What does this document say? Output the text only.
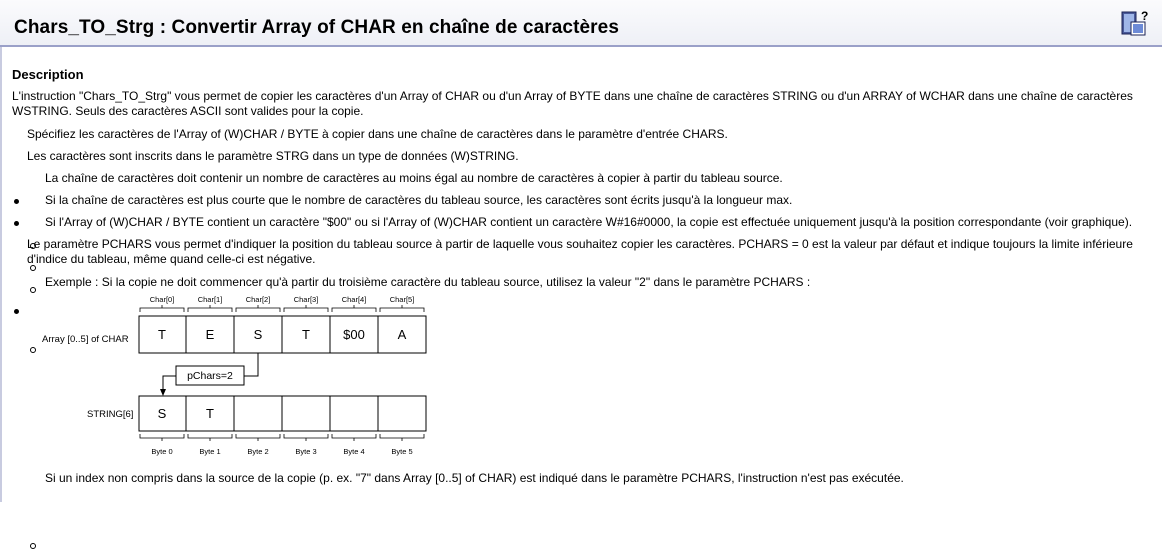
Chars_TO_Strg : Convertir Array of CHAR en chaîne de caractères
?
Description
L'instruction "Chars_TO_Strg" vous permet de copier les caractères d'un Array of CHAR ou d'un Array of BYTE dans une chaîne de caractères STRING ou d'un ARRAY of WCHAR dans une chaîne de caractères WSTRING. Seuls des caractères ASCII sont valides pour la copie.
Spécifiez les caractères de l'Array of (W)CHAR / BYTE à copier dans une chaîne de caractères dans le paramètre d'entrée CHARS.
Les caractères sont inscrits dans le paramètre STRG dans un type de données (W)STRING.
La chaîne de caractères doit contenir un nombre de caractères au moins égal au nombre de caractères à copier à partir du tableau source.
Si la chaîne de caractères est plus courte que le nombre de caractères du tableau source, les caractères sont écrits jusqu'à la longueur max.
Si l'Array of (W)CHAR / BYTE contient un caractère "$00" ou si l'Array of (W)CHAR contient un caractère W#16#0000, la copie est effectuée uniquement jusqu'à la position correspondante (voir graphique).
Le paramètre PCHARS vous permet d'indiquer la position du tableau source à partir de laquelle vous souhaitez copier les caractères. PCHARS = 0 est la valeur par défaut et indique toujours la limite inférieure d'indice du tableau, même quand celle-ci est négative.
Exemple : Si la copie ne doit commencer qu'à partir du troisième caractère du tableau source, utilisez la valeur "2" dans le paramètre PCHARS :
Si un index non compris dans la source de la copie (p. ex. "7" dans Array [0..5] of CHAR) est indiqué dans le paramètre PCHARS, l'instruction n'est pas exécutée.
Array [0..5] of CHAR
STRING[6]
Char[0]	Char[1]	Char[2]	Char[3]	Char[4]	Char[5]
T	E	S	T	$00	A
pChars=2
S	T
Byte 0	Byte 1	Byte 2	Byte 3	Byte 4	Byte 5
